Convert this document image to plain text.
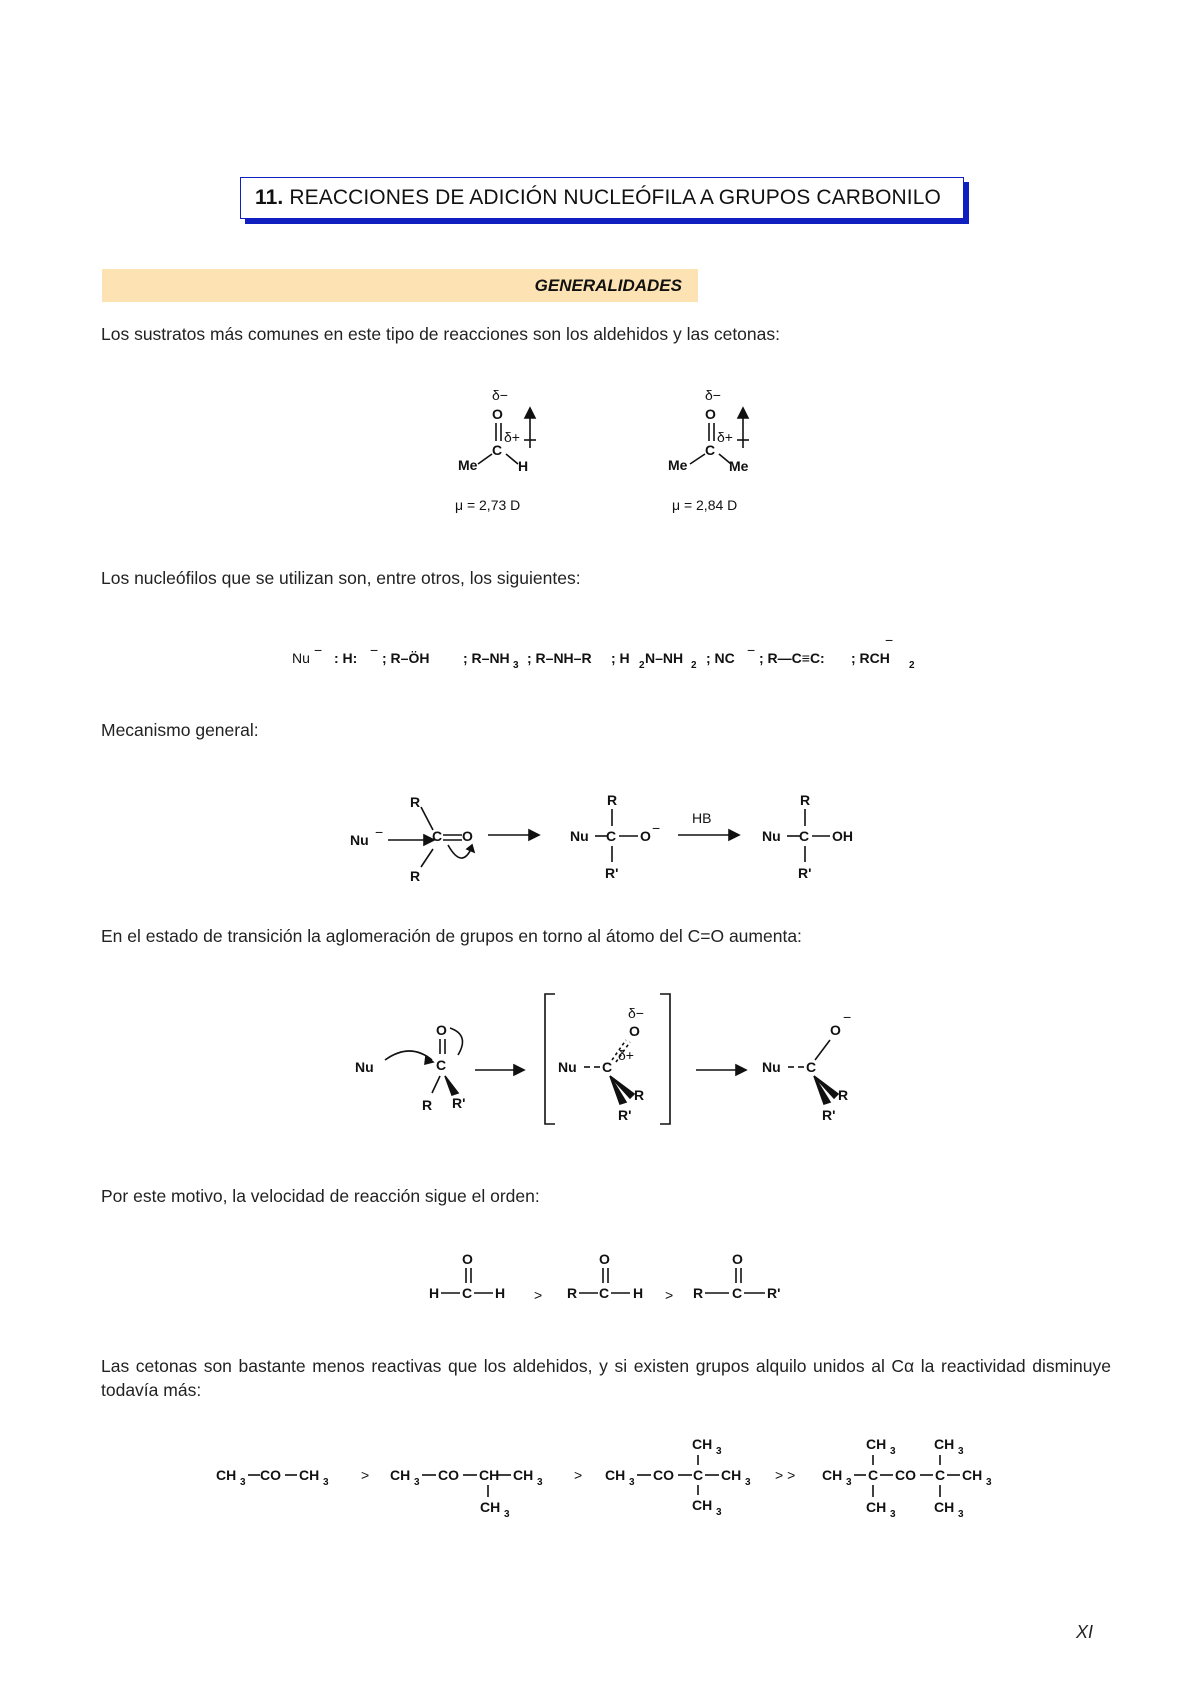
11. REACCIONES DE ADICIÓN NUCLEÓFILA A GRUPOS CARBONILO
GENERALIDADES
Los sustratos más comunes en este tipo de reacciones son los aldehidos y las cetonas:
δ−
O
C
δ+
Me	H
μ = 2,73 D
δ−
O
C
δ+
Me	Me
μ = 2,84 D
Los nucleófilos que se utilizan son, entre otros, los siguientes:
Nu − : H: − ; R–ÖH ; R–NH 3 ; R–NH–R ; H 2 N–NH 2 ; NC − ; R—C≡C: ; RCH
−
2
Mecanismo general:
Nu −
R
C
R
O	Nu C
R
R'
O −
HB
Nu C
R
R'
OH
En el estado de transición la aglomeración de grupos en torno al átomo del C=O aumenta:
Nu
O
C
R R'
Nu C
δ+
δ−
O
R
R'
Nu C
O
−
R
R'
Por este motivo, la velocidad de reacción sigue el orden:
O
H C H >
O
R C H >
O
R C R'
Las cetonas son bastante menos reactivas que los aldehidos, y si existen grupos alquilo unidos al Cα la reactividad disminuye todavía más:
CH 3 CO CH 3 > CH 3 CO CH CH 3
CH 3
> CH 3 CO C CH 3
CH 3
CH 3
> > CH 3 C CO C CH 3
CH 3
CH 3
CH 3
CH 3
XI
